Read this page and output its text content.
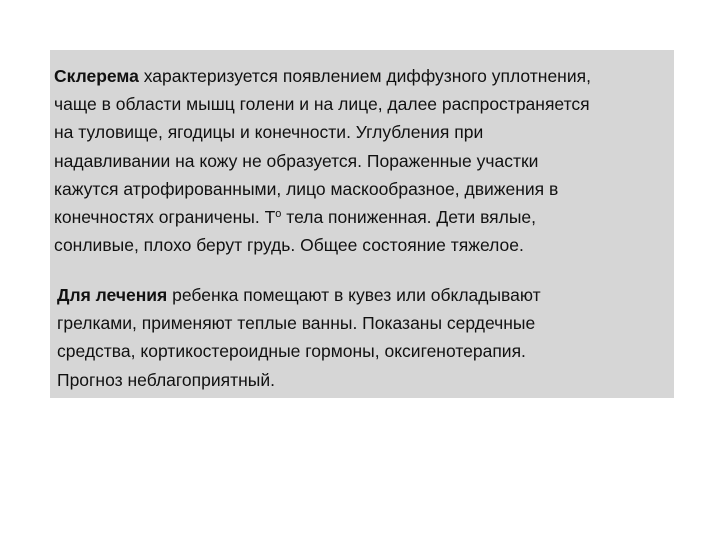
Склерема характеризуется появлением диффузного уплотнения,
чаще в области мышц голени и на лице, далее распространяется
на туловище, ягодицы и конечности. Углубления при
надавливании на кожу не образуется. Пораженные участки
кажутся атрофированными, лицо маскообразное, движения в
конечностях ограничены. $Т^о$ тела пониженная. Дети вялые,
сонливые, плохо берут грудь. Общее состояние тяжелое.

Для лечения ребенка помещают в кувез или обкладывают
грелками, применяют теплые ванны. Показаны сердечные
средства, кортикостероидные гормоны, оксигенотерапия.
Прогноз неблагоприятный.
